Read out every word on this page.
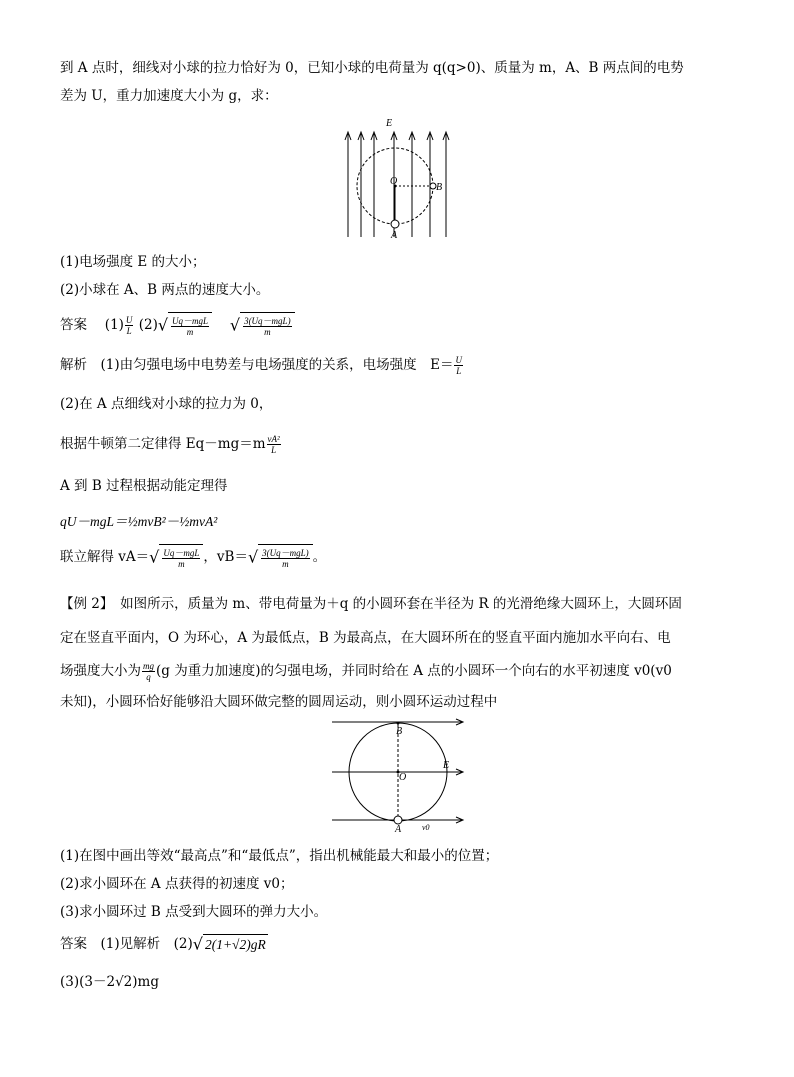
到 A 点时，细线对小球的拉力恰好为 0，已知小球的电荷量为 q(q>0)、质量为 m，A、B 两点间的电势
差为 U，重力加速度大小为 g，求：
E
O
B
A
(1)电场强度 E 的大小；
(2)小球在 A、B 两点的速度大小。
答案　 $(1) \frac{U}{L} (2)√ \frac{\text{Uq－mgL}}{m}$
　 √ $\frac{\text{3(Uq－mgL)}}{m}$
解析　 (1)由匀强电场中电势差与电场强度的关系，电场强度　$E= \frac{U}{L}$
(2)在 A 点细线对小球的拉力为 0，
根据牛顿第二定律得 $Eq-mg=m \frac{\text{vA²}}{L}$
A 到 B 过程根据动能定理得
qU－mgL＝½mvB²－½mvA²
联立解得 $vA=√ \frac{\text{Uq－mgL}}{m}$ ，$vB=√ \frac{\text{3(Uq－mgL)}}{m}$ 。
【例 2】　如图所示，质量为 m、带电荷量为＋q 的小圆环套在半径为 R 的光滑绝缘大圆环上，大圆环固
定在竖直平面内，O 为环心，A 为最低点，B 为最高点，在大圆环所在的竖直平面内施加水平向右、电
场强度大小为 $\frac{mg}{q} (g$ 为重力加速度)的匀强电场，并同时给在 A 点的小圆环一个向右的水平初速度 v0(v0
未知)，小圆环恰好能够沿大圆环做完整的圆周运动，则小圆环运动过程中
B
O
E
A	v0
(1)在图中画出等效“最高点”和“最低点”，指出机械能最大和最小的位置；
(2)求小圆环在 A 点获得的初速度 v0；
(3)求小圆环过 B 点受到大圆环的弹力大小。
答案　 (1)见解析　 (2)√ 2(1+√2)gR
(3)(3－2√2)mg
